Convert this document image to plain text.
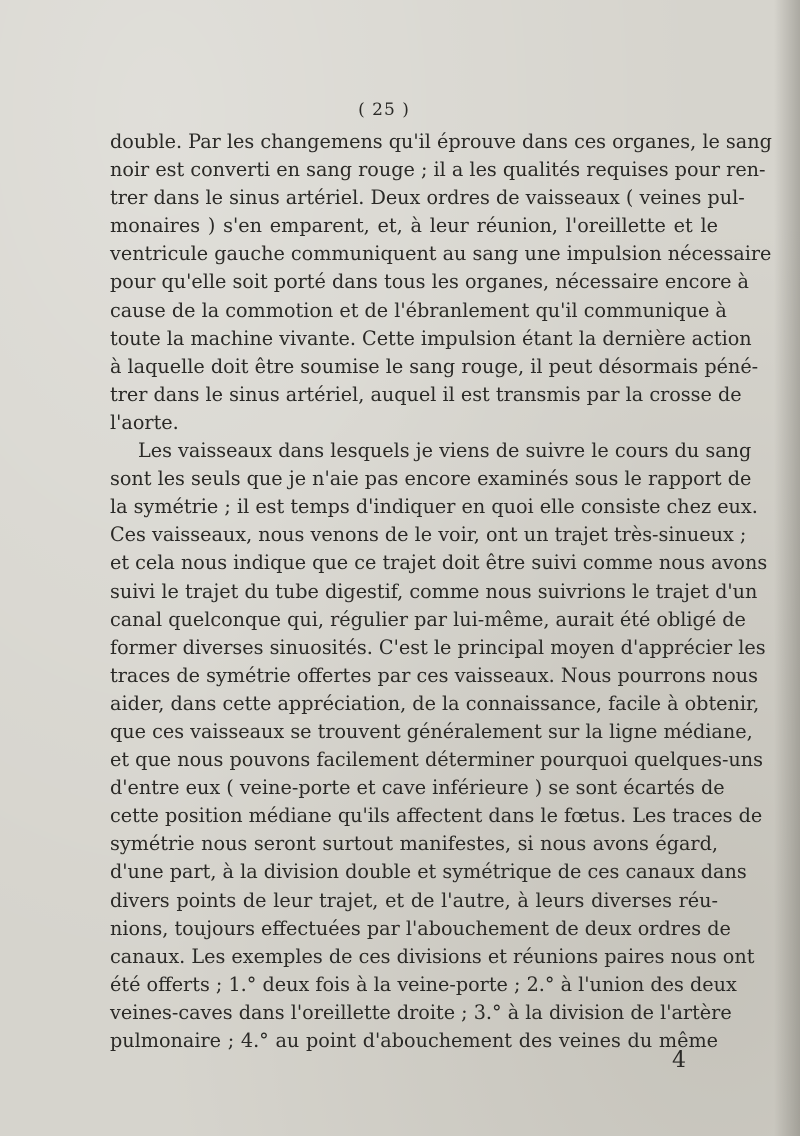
( 25 )
double. Par les changemens qu'il éprouve dans ces organes, le sang
noir est converti en sang rouge ; il a les qualités requises pour ren-
trer dans le sinus artériel. Deux ordres de vaisseaux ( veines pul-
monaires ) s'en emparent, et, à leur réunion, l'oreillette et le
ventricule gauche communiquent au sang une impulsion nécessaire
pour qu'elle soit porté dans tous les organes, nécessaire encore à
cause de la commotion et de l'ébranlement qu'il communique à
toute la machine vivante. Cette impulsion étant la dernière action
à laquelle doit être soumise le sang rouge, il peut désormais péné-
trer dans le sinus artériel, auquel il est transmis par la crosse de
l'aorte.
Les vaisseaux dans lesquels je viens de suivre le cours du sang
sont les seuls que je n'aie pas encore examinés sous le rapport de
la symétrie ; il est temps d'indiquer en quoi elle consiste chez eux.
Ces vaisseaux, nous venons de le voir, ont un trajet très-sinueux ;
et cela nous indique que ce trajet doit être suivi comme nous avons
suivi le trajet du tube digestif, comme nous suivrions le trajet d'un
canal quelconque qui, régulier par lui-même, aurait été obligé de
former diverses sinuosités. C'est le principal moyen d'apprécier les
traces de symétrie offertes par ces vaisseaux. Nous pourrons nous
aider, dans cette appréciation, de la connaissance, facile à obtenir,
que ces vaisseaux se trouvent généralement sur la ligne médiane,
et que nous pouvons facilement déterminer pourquoi quelques-uns
d'entre eux ( veine-porte et cave inférieure ) se sont écartés de
cette position médiane qu'ils affectent dans le fœtus. Les traces de
symétrie nous seront surtout manifestes, si nous avons égard,
d'une part, à la division double et symétrique de ces canaux dans
divers points de leur trajet, et de l'autre, à leurs diverses réu-
nions, toujours effectuées par l'abouchement de deux ordres de
canaux. Les exemples de ces divisions et réunions paires nous ont
été offerts ; 1.° deux fois à la veine-porte ; 2.° à l'union des deux
veines-caves dans l'oreillette droite ; 3.° à la division de l'artère
pulmonaire ; 4.° au point d'abouchement des veines du même
4
